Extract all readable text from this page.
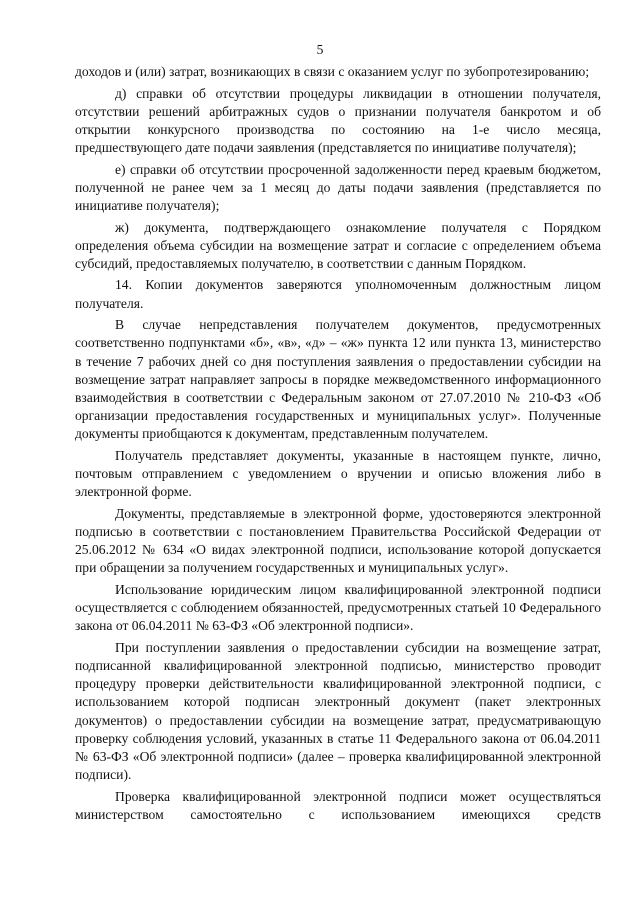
5

доходов и (или) затрат, возникающих в связи с оказанием услуг по зубопротезированию;

д) справки об отсутствии процедуры ликвидации в отношении получателя, отсутствии решений арбитражных судов о признании получателя банкротом и об открытии конкурсного производства по состоянию на 1-е число месяца, предшествующего дате подачи заявления (представляется по инициативе получателя);

е) справки об отсутствии просроченной задолженности перед краевым бюджетом, полученной не ранее чем за 1 месяц до даты подачи заявления (представляется по инициативе получателя);

ж) документа, подтверждающего ознакомление получателя с Порядком определения объема субсидии на возмещение затрат и согласие с определением объема субсидий, предоставляемых получателю, в соответствии с данным Порядком.

14. Копии документов заверяются уполномоченным должностным лицом получателя.

В случае непредставления получателем документов, предусмотренных соответственно подпунктами «б», «в», «д» – «ж» пункта 12 или пункта 13, министерство в течение 7 рабочих дней со дня поступления заявления о предоставлении субсидии на возмещение затрат направляет запросы в порядке межведомственного информационного взаимодействия в соответствии с Федеральным законом от 27.07.2010 № 210-ФЗ «Об организации предоставления государственных и муниципальных услуг». Полученные документы приобщаются к документам, представленным получателем.

Получатель представляет документы, указанные в настоящем пункте, лично, почтовым отправлением с уведомлением о вручении и описью вложения либо в электронной форме.

Документы, представляемые в электронной форме, удостоверяются электронной подписью в соответствии с постановлением Правительства Российской Федерации от 25.06.2012 № 634 «О видах электронной подписи, использование которой допускается при обращении за получением государственных и муниципальных услуг».

Использование юридическим лицом квалифицированной электронной подписи осуществляется с соблюдением обязанностей, предусмотренных статьей 10 Федерального закона от 06.04.2011 № 63-ФЗ «Об электронной подписи».

При поступлении заявления о предоставлении субсидии на возмещение затрат, подписанной квалифицированной электронной подписью, министерство проводит процедуру проверки действительности квалифицированной электронной подписи, с использованием которой подписан электронный документ (пакет электронных документов) о предоставлении субсидии на возмещение затрат, предусматривающую проверку соблюдения условий, указанных в статье 11 Федерального закона от 06.04.2011 № 63-ФЗ «Об электронной подписи» (далее – проверка квалифицированной электронной подписи).

Проверка квалифицированной электронной подписи может осуществляться министерством самостоятельно с использованием имеющихся средств
